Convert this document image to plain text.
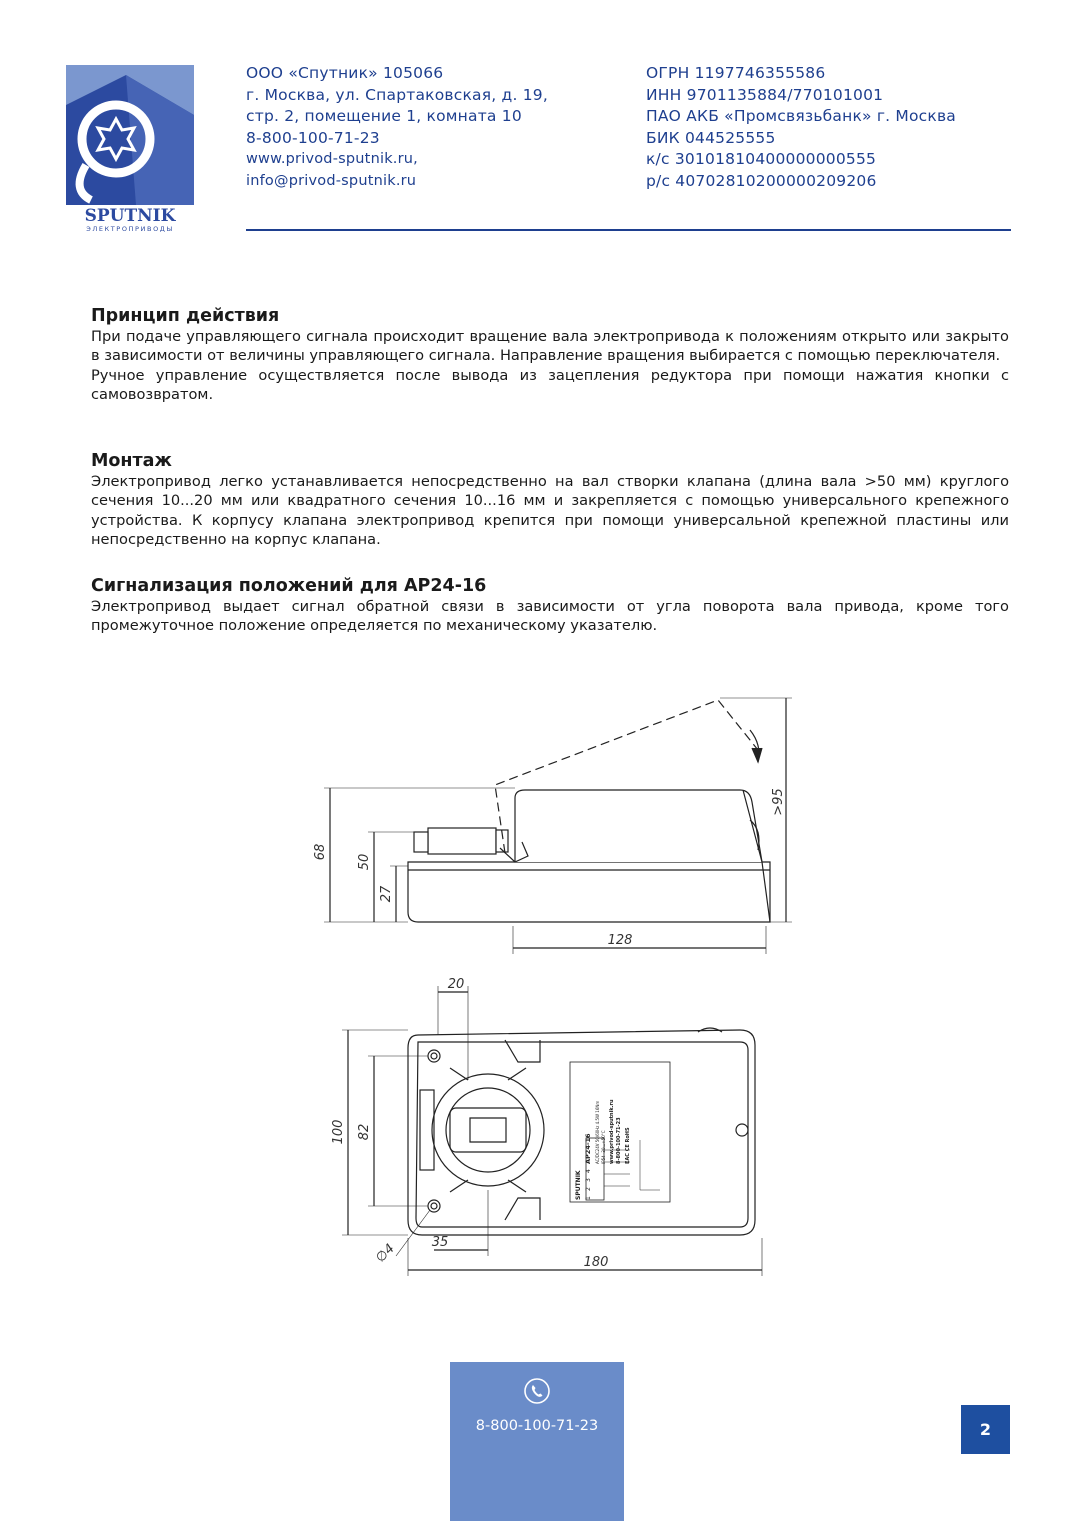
SPUTNIK
ЭЛЕКТРОПРИВОДЫ
ООО «Спутник» 105066
г. Москва, ул. Спартаковская, д. 19,
стр. 2, помещение 1, комната 10
8-800-100-71-23
www.privod-sputnik.ru,
info@privod-sputnik.ru
ОГРН 1197746355586
ИНН 9701135884/770101001
ПАО АКБ «Промсвязьбанк» г. Москва
БИК 044525555
к/с 30101810400000000555
р/с 40702810200000209206
Принцип действия

При подаче управляющего сигнала происходит вращение вала электропривода к положениям открыто или закрыто в зависимости от величины управляющего сигнала. Направление вращения выбирается с помощью переключателя.

Ручное управление осуществляется после вывода из зацепления редуктора при помощи нажатия кнопки с самовозвратом.

Монтаж

Электропривод легко устанавливается непосредственно на вал створки клапана (длина вала >50 мм) круглого сечения 10...20 мм или квадратного сечения 10...16 мм и закрепляется с помощью универсального крепежного устройства. К корпусу клапана электропривод крепится при помощи универсальной крепежной пластины или непосредственно на корпус клапана.

Сигнализация положений для АР24-16

Электропривод выдает сигнал обратной связи в зависимости от угла поворота вала привода, кроме того промежуточное положение определяется по механическому указателю.

68
50
27
>95
128
20
100 82
∅4	35
180
АР24-16 AC/DC24V 50/60Hz 4.5W 16Nm IP54 -30...+50°C www.privod-sputnik.ru 8-800-100-71-23 EAC CE RoHS
1
2
3
4
SPUTNIK
8-800-100-71-23	2
